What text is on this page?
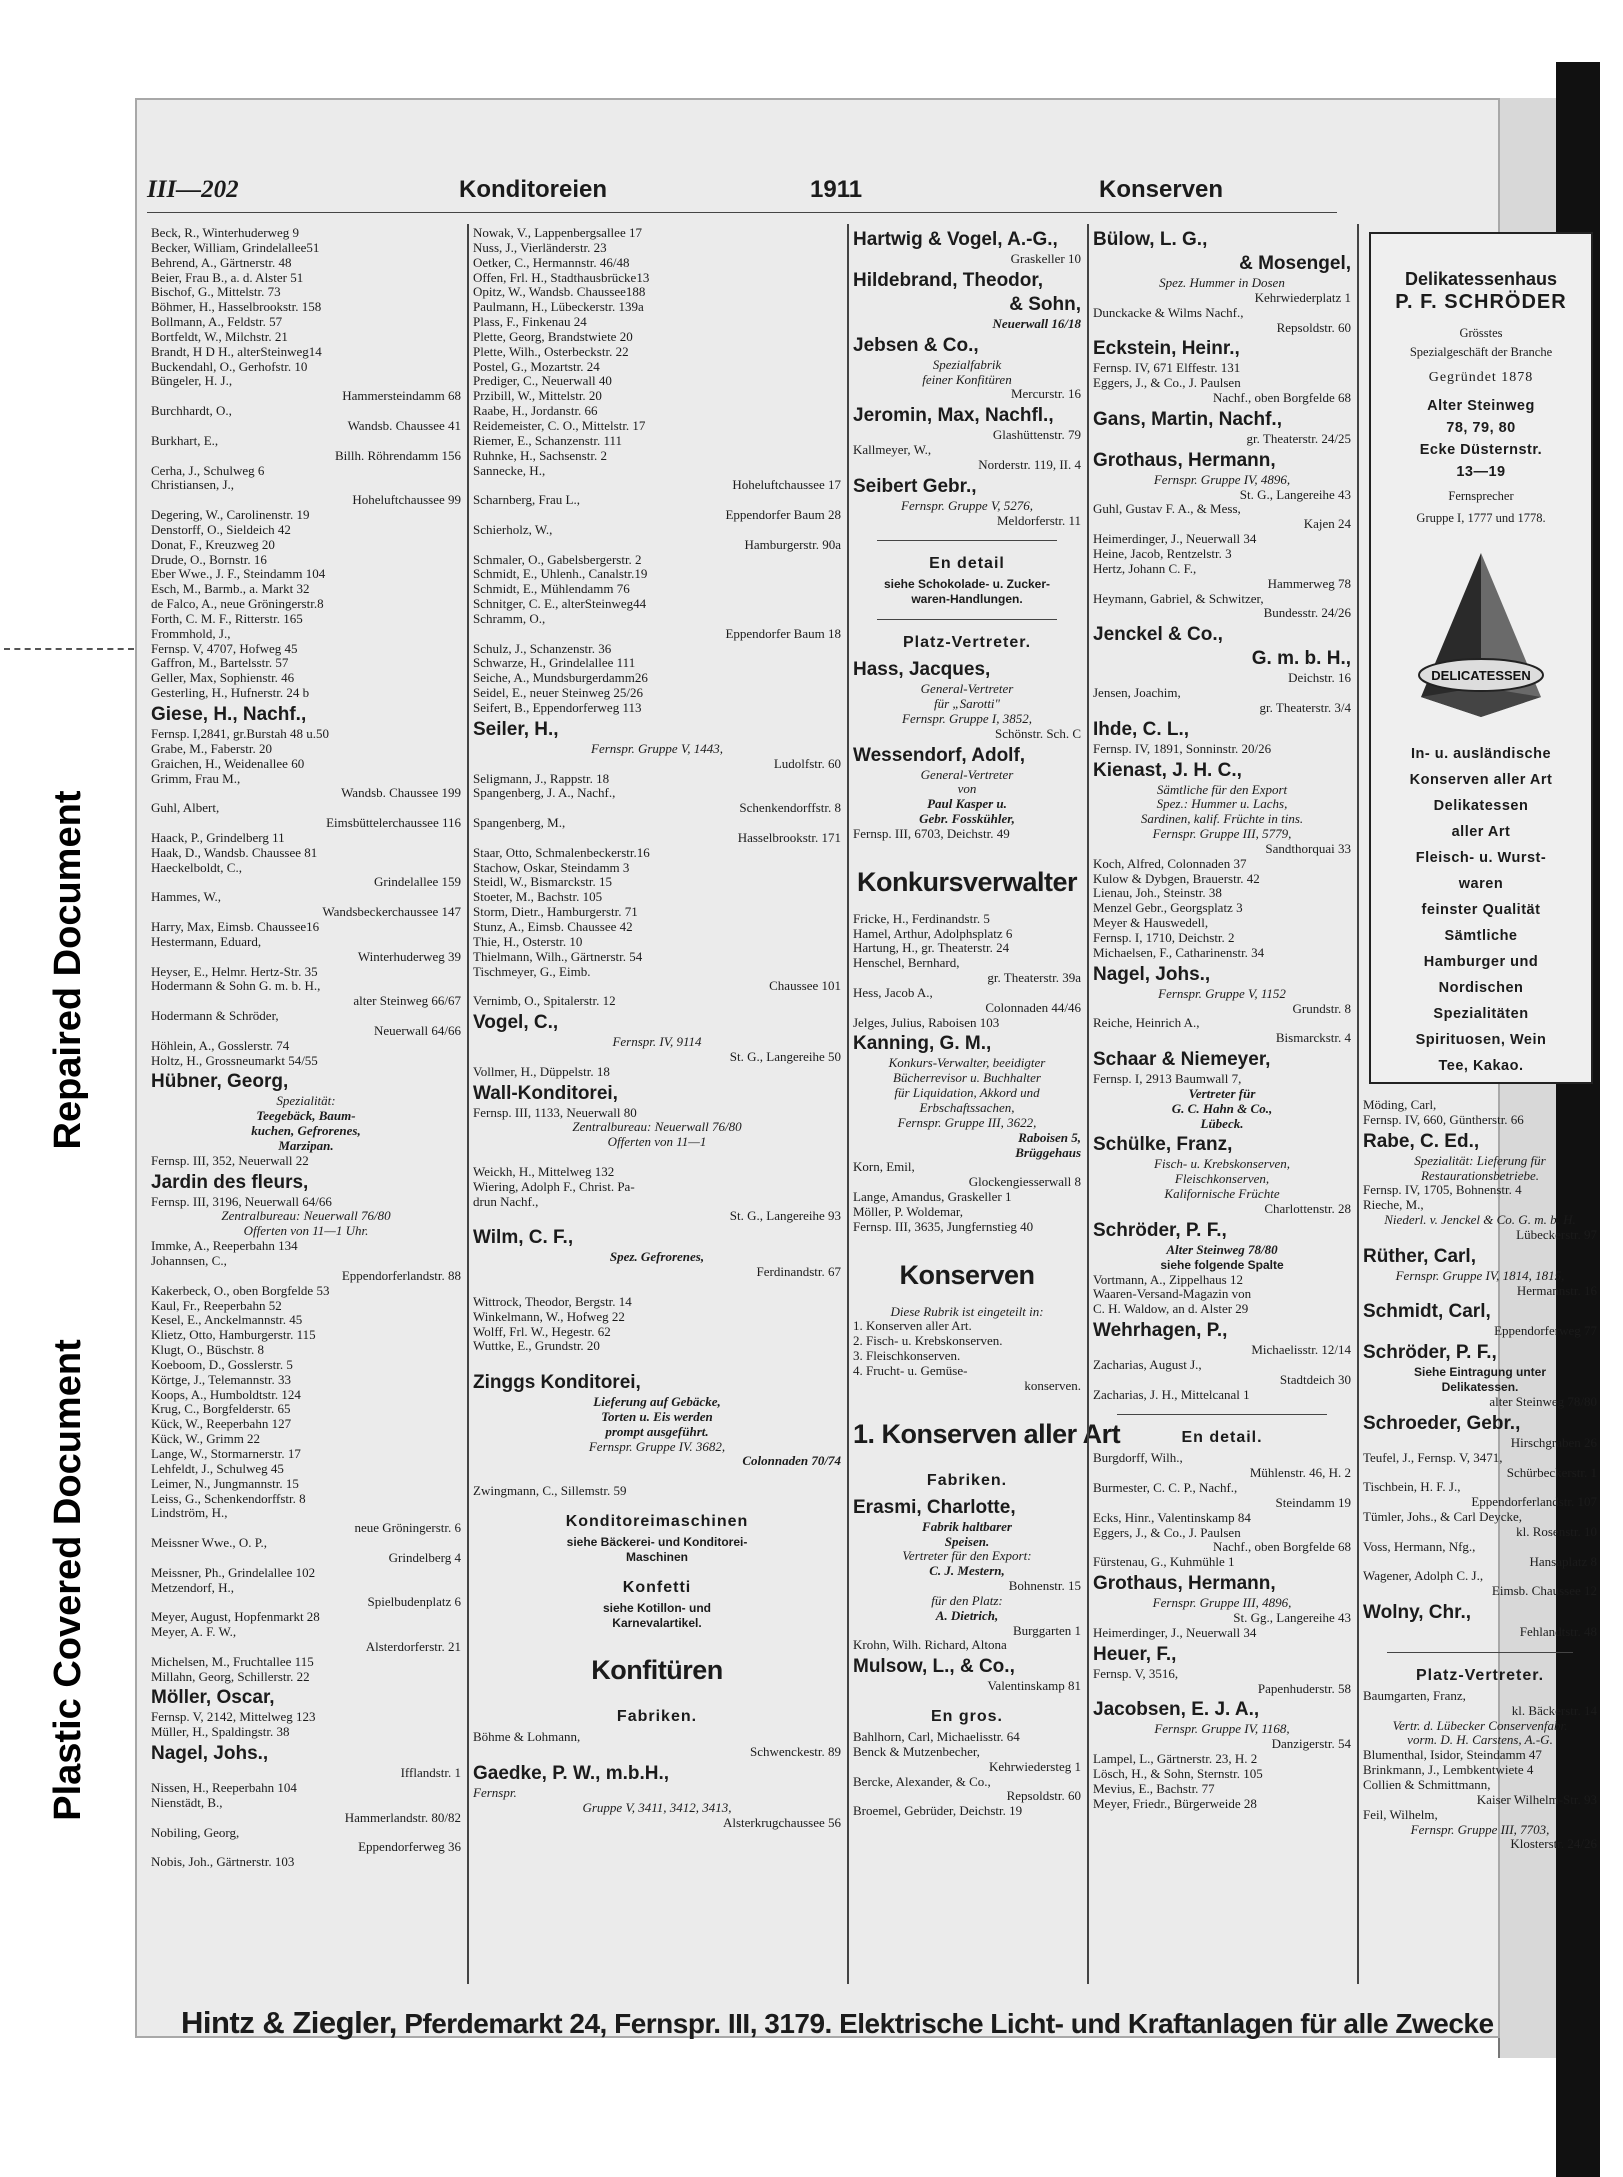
Repaired Document
Plastic Covered Document
III—202	Konditoreien	1911	Konserven
Beck, R., Winterhuderweg 9
Becker, William, Grindelallee51
Behrend, A., Gärtnerstr. 48
Beier, Frau B., a. d. Alster 51
Bischof, G., Mittelstr. 73
Böhmer, H., Hasselbrookstr. 158
Bollmann, A., Feldstr. 57
Bortfeldt, W., Milchstr. 21
Brandt, H D H., alterSteinweg14
Buckendahl, O., Gerhofstr. 10
Büngeler, H. J.,
Hammersteindamm 68
Burchhardt, O.,
Wandsb. Chaussee 41
Burkhart, E.,
Billh. Röhrendamm 156
Cerha, J., Schulweg 6
Christiansen, J.,
Hoheluftchaussee 99
Degering, W., Carolinenstr. 19
Denstorff, O., Sieldeich 42
Donat, F., Kreuzweg 20
Drude, O., Bornstr. 16
Eber Wwe., J. F., Steindamm 104
Esch, M., Barmb., a. Markt 32
de Falco, A., neue Gröningerstr.8
Forth, C. M. F., Ritterstr. 165
Frommhold, J.,
Fernsp. V, 4707, Hofweg 45
Gaffron, M., Bartelsstr. 57
Geller, Max, Sophienstr. 46
Gesterling, H., Hufnerstr. 24 b
Giese, H., Nachf.,
Fernsp. I,2841, gr.Burstah 48 u.50
Grabe, M., Faberstr. 20
Graichen, H., Weidenallee 60
Grimm, Frau M.,
Wandsb. Chaussee 199
Guhl, Albert,
Eimsbüttelerchaussee 116
Haack, P., Grindelberg 11
Haak, D., Wandsb. Chaussee 81
Haeckelboldt, C.,
Grindelallee 159
Hammes, W.,
Wandsbeckerchaussee 147
Harry, Max, Eimsb. Chaussee16
Hestermann, Eduard,
Winterhuderweg 39
Heyser, E., Helmr. Hertz-Str. 35
Hodermann & Sohn G. m. b. H.,
alter Steinweg 66/67
Hodermann & Schröder,
Neuerwall 64/66
Höhlein, A., Gosslerstr. 74
Holtz, H., Grossneumarkt 54/55
Hübner, Georg,
Spezialität:
Teegebäck, Baum-
kuchen, Gefrorenes,
Marzipan.
Fernsp. III, 352, Neuerwall 22
Jardin des fleurs,
Fernsp. III, 3196, Neuerwall 64/66
Zentralbureau: Neuerwall 76/80
Offerten von 11—1 Uhr.
Immke, A., Reeperbahn 134
Johannsen, C.,
Eppendorferlandstr. 88
Kakerbeck, O., oben Borgfelde 53
Kaul, Fr., Reeperbahn 52
Kesel, E., Anckelmannstr. 45
Klietz, Otto, Hamburgerstr. 115
Klugt, O., Büschstr. 8
Koeboom, D., Gosslerstr. 5
Körtge, J., Telemannstr. 33
Koops, A., Humboldtstr. 124
Krug, C., Borgfelderstr. 65
Kück, W., Reeperbahn 127
Kück, W., Grimm 22
Lange, W., Stormarnerstr. 17
Lehfeldt, J., Schulweg 45
Leimer, N., Jungmannstr. 15
Leiss, G., Schenkendorffstr. 8
Lindström, H.,
neue Gröningerstr. 6
Meissner Wwe., O. P.,
Grindelberg 4
Meissner, Ph., Grindelallee 102
Metzendorf, H.,
Spielbudenplatz 6
Meyer, August, Hopfenmarkt 28
Meyer, A. F. W.,
Alsterdorferstr. 21
Michelsen, M., Fruchtallee 115
Millahn, Georg, Schillerstr. 22
Möller, Oscar,
Fernsp. V, 2142, Mittelweg 123
Müller, H., Spaldingstr. 38
Nagel, Johs.,
Ifflandstr. 1
Nissen, H., Reeperbahn 104
Nienstädt, B.,
Hammerlandstr. 80/82
Nobiling, Georg,
Eppendorferweg 36
Nobis, Joh., Gärtnerstr. 103
Nowak, V., Lappenbergsallee 17
Nuss, J., Vierländerstr. 23
Oetker, C., Hermannstr. 46/48
Offen, Frl. H., Stadthausbrücke13
Opitz, W., Wandsb. Chaussee188
Paulmann, H., Lübeckerstr. 139a
Plass, F., Finkenau 24
Plette, Georg, Brandstwiete 20
Plette, Wilh., Osterbeckstr. 22
Postel, G., Mozartstr. 24
Prediger, C., Neuerwall 40
Przibill, W., Mittelstr. 20
Raabe, H., Jordanstr. 66
Reidemeister, C. O., Mittelstr. 17
Riemer, E., Schanzenstr. 111
Ruhnke, H., Sachsenstr. 2
Sannecke, H.,
Hoheluftchaussee 17
Scharnberg, Frau L.,
Eppendorfer Baum 28
Schierholz, W.,
Hamburgerstr. 90a
Schmaler, O., Gabelsbergerstr. 2
Schmidt, E., Uhlenh., Canalstr.19
Schmidt, E., Mühlendamm 76
Schnitger, C. E., alterSteinweg44
Schramm, O.,
Eppendorfer Baum 18
Schulz, J., Schanzenstr. 36
Schwarze, H., Grindelallee 111
Seiche, A., Mundsburgerdamm26
Seidel, E., neuer Steinweg 25/26
Seifert, B., Eppendorferweg 113
Seiler, H.,
Fernspr. Gruppe V, 1443,
Ludolfstr. 60
Seligmann, J., Rappstr. 18
Spangenberg, J. A., Nachf.,
Schenkendorffstr. 8
Spangenberg, M.,
Hasselbrookstr. 171
Staar, Otto, Schmalenbeckerstr.16
Stachow, Oskar, Steindamm 3
Steidl, W., Bismarckstr. 15
Stoeter, M., Bachstr. 105
Storm, Dietr., Hamburgerstr. 71
Stunz, A., Eimsb. Chaussee 42
Thie, H., Osterstr. 10
Thielmann, Wilh., Gärtnerstr. 54
Tischmeyer, G., Eimb.
Chaussee 101
Vernimb, O., Spitalerstr. 12
Vogel, C.,
Fernspr. IV, 9114
St. G., Langereihe 50
Vollmer, H., Düppelstr. 18
Wall-Konditorei,
Fernsp. III, 1133, Neuerwall 80
Zentralbureau: Neuerwall 76/80
Offerten von 11—1

Weickh, H., Mittelweg 132
Wiering, Adolph F., Christ. Pa-
drun Nachf.,
St. G., Langereihe 93
Wilm, C. F.,
Spez. Gefrorenes,
Ferdinandstr. 67

Wittrock, Theodor, Bergstr. 14
Winkelmann, W., Hofweg 22
Wolff, Frl. W., Hegestr. 62
Wuttke, E., Grundstr. 20

Zinggs Konditorei,
Lieferung auf Gebäcke,
Torten u. Eis werden
prompt ausgeführt.
Fernspr. Gruppe IV. 3682,
Colonnaden 70/74

Zwingmann, C., Sillemstr. 59
Konditoreimaschinen
siehe Bäckerei- und Konditorei-
Maschinen
Konfetti
siehe Kotillon- und
Karnevalartikel.
Konfitüren
Fabriken.
Böhme & Lohmann,
Schwenckestr. 89
Gaedke, P. W., m.b.H.,
Fernspr.
Gruppe V, 3411, 3412, 3413,
Alsterkrugchaussee 56
Hartwig & Vogel, A.-G.,
Graskeller 10
Hildebrand, Theodor,
& Sohn,
Neuerwall 16/18
Jebsen & Co.,
Spezialfabrik
feiner Konfitüren
Mercurstr. 16
Jeromin, Max, Nachfl.,
Glashüttenstr. 79
Kallmeyer, W.,
Norderstr. 119, II. 4
Seibert Gebr.,
Fernspr. Gruppe V, 5276,
Meldorferstr. 11
En detail
siehe Schokolade- u. Zucker-
waren-Handlungen.
Platz-Vertreter.
Hass, Jacques,
General-Vertreter
für „Sarotti"
Fernspr. Gruppe I, 3852,
Schönstr. Sch. C
Wessendorf, Adolf,
General-Vertreter
von
Paul Kasper u.
Gebr. Fosskühler,
Fernsp. III, 6703, Deichstr. 49
Konkursverwalter
Fricke, H., Ferdinandstr. 5
Hamel, Arthur, Adolphsplatz 6
Hartung, H., gr. Theaterstr. 24
Henschel, Bernhard,
gr. Theaterstr. 39a
Hess, Jacob A.,
Colonnaden 44/46
Jelges, Julius, Raboisen 103
Kanning, G. M.,
Konkurs-Verwalter, beeidigter
Bücherrevisor u. Buchhalter
für Liquidation, Akkord und
Erbschaftssachen,
Fernspr. Gruppe III, 3622,
Raboisen 5,
Brüggehaus
Korn, Emil,
Glockengiesserwall 8
Lange, Amandus, Graskeller 1
Möller, P. Woldemar,
Fernsp. III, 3635, Jungfernstieg 40
Konserven
Diese Rubrik ist eingeteilt in:
1. Konserven aller Art.
2. Fisch- u. Krebskonserven.
3. Fleischkonserven.
4. Frucht- u. Gemüse-
konserven.
1. Konserven aller Art
Fabriken.
Erasmi, Charlotte,
Fabrik haltbarer
Speisen.
Vertreter für den Export:
C. J. Mestern,
Bohnenstr. 15
für den Platz:
A. Dietrich,
Burggarten 1
Krohn, Wilh. Richard, Altona
Mulsow, L., & Co.,
Valentinskamp 81
En gros.
Bahlhorn, Carl, Michaelisstr. 64
Benck & Mutzenbecher,
Kehrwiedersteg 1
Bercke, Alexander, & Co.,
Repsoldstr. 60
Broemel, Gebrüder, Deichstr. 19
Bülow, L. G.,
& Mosengel,
Spez. Hummer in Dosen
Kehrwiederplatz 1
Dunckacke & Wilms Nachf.,
Repsoldstr. 60
Eckstein, Heinr.,
Fernsp. IV, 671 Elffestr. 131
Eggers, J., & Co., J. Paulsen
Nachf., oben Borgfelde 68
Gans, Martin, Nachf.,
gr. Theaterstr. 24/25
Grothaus, Hermann,
Fernspr. Gruppe IV, 4896,
St. G., Langereihe 43
Guhl, Gustav F. A., & Mess,
Kajen 24
Heimerdinger, J., Neuerwall 34
Heine, Jacob, Rentzelstr. 3
Hertz, Johann C. F.,
Hammerweg 78
Heymann, Gabriel, & Schwitzer,
Bundesstr. 24/26
Jenckel & Co.,
G. m. b. H.,
Deichstr. 16
Jensen, Joachim,
gr. Theaterstr. 3/4
Ihde, C. L.,
Fernsp. IV, 1891, Sonninstr. 20/26
Kienast, J. H. C.,
Sämtliche für den Export
Spez.: Hummer u. Lachs,
Sardinen, kalif. Früchte in tins.
Fernspr. Gruppe III, 5779,
Sandthorquai 33
Koch, Alfred, Colonnaden 37
Kulow & Dybgen, Brauerstr. 42
Lienau, Joh., Steinstr. 38
Menzel Gebr., Georgsplatz 3
Meyer & Hauswedell,
Fernsp. I, 1710, Deichstr. 2
Michaelsen, F., Catharinenstr. 34
Nagel, Johs.,
Fernspr. Gruppe V, 1152
Grundstr. 8
Reiche, Heinrich A.,
Bismarckstr. 4
Schaar & Niemeyer,
Fernsp. I, 2913 Baumwall 7,
Vertreter für
G. C. Hahn & Co.,
Lübeck.
Schülke, Franz,
Fisch- u. Krebskonserven,
Fleischkonserven,
Kalifornische Früchte
Charlottenstr. 28
Schröder, P. F.,
Alter Steinweg 78/80
siehe folgende Spalte
Vortmann, A., Zippelhaus 12
Waaren-Versand-Magazin von
C. H. Waldow, an d. Alster 29
Wehrhagen, P.,
Michaelisstr. 12/14
Zacharias, August J.,
Stadtdeich 30
Zacharias, J. H., Mittelcanal 1
En detail.
Burgdorff, Wilh.,
Mühlenstr. 46, H. 2
Burmester, C. C. P., Nachf.,
Steindamm 19
Ecks, Hinr., Valentinskamp 84
Eggers, J., & Co., J. Paulsen
Nachf., oben Borgfelde 68
Fürstenau, G., Kuhmühle 1
Grothaus, Hermann,
Fernspr. Gruppe III, 4896,
St. Gg., Langereihe 43
Heimerdinger, J., Neuerwall 34
Heuer, F.,
Fernsp. V, 3516,
Papenhuderstr. 58
Jacobsen, E. J. A.,
Fernspr. Gruppe IV, 1168,
Danzigerstr. 54
Lampel, L., Gärtnerstr. 23, H. 2
Lösch, H., & Sohn, Sternstr. 105
Mevius, E., Bachstr. 77
Meyer, Friedr., Bürgerweide 28
Delikatessenhaus
P. F. SCHRÖDER
Grösstes
Spezialgeschäft der Branche
Gegründet 1878
Alter Steinweg
78, 79, 80
Ecke Düsternstr.
13—19
Fernsprecher
Gruppe I, 1777 und 1778.
DELICATESSEN
In- u. ausländische
Konserven aller Art
Delikatessen
aller Art
Fleisch- u. Wurst-
waren
feinster Qualität
Sämtliche
Hamburger und
Nordischen
Spezialitäten
Spirituosen, Wein
Tee, Kakao.
Möding, Carl,
Fernsp. IV, 660, Güntherstr. 66
Rabe, C. Ed.,
Spezialität: Lieferung für
Restaurationsbetriebe.
Fernsp. IV, 1705, Bohnenstr. 4
Rieche, M.,
Niederl. v. Jenckel & Co. G. m. b. H.
Lübeckerstr. 97
Rüther, Carl,
Fernspr. Gruppe IV, 1814, 1815,
Hermannstr. 16
Schmidt, Carl,
Eppendorferweg 77
Schröder, P. F.,
Siehe Eintragung unter
Delikatessen.
alter Steinweg 78/80
Schroeder, Gebr.,
Hirschgraben 26
Teufel, J., Fernsp. V, 3471,
Schürbeckerstr. 1
Tischbein, H. F. J.,
Eppendorferlandstr. 107
Tümler, Johs., & Carl Deycke,
kl. Rosenstr. 10
Voss, Hermann, Nfg.,
Hansaplatz 8
Wagener, Adolph C. J.,
Eimsb. Chaussee 12
Wolny, Chr.,
Fehlandtstr. 48
Platz-Vertreter.
Baumgarten, Franz,
kl. Bäckerstr. 14
Vertr. d. Lübecker Conservenfabr.
vorm. D. H. Carstens, A.-G.
Blumenthal, Isidor, Steindamm 47
Brinkmann, J., Lembkentwiete 4
Collien & Schmittmann,
Kaiser Wilhelm-Str. 93
Feil, Wilhelm,
Fernspr. Gruppe III, 7703,
Klosterstr. 24/26
Hintz & Ziegler, Pferdemarkt 24, Fernspr. III, 3179. Elektrische Licht- und Kraftanlagen für alle Zwecke
